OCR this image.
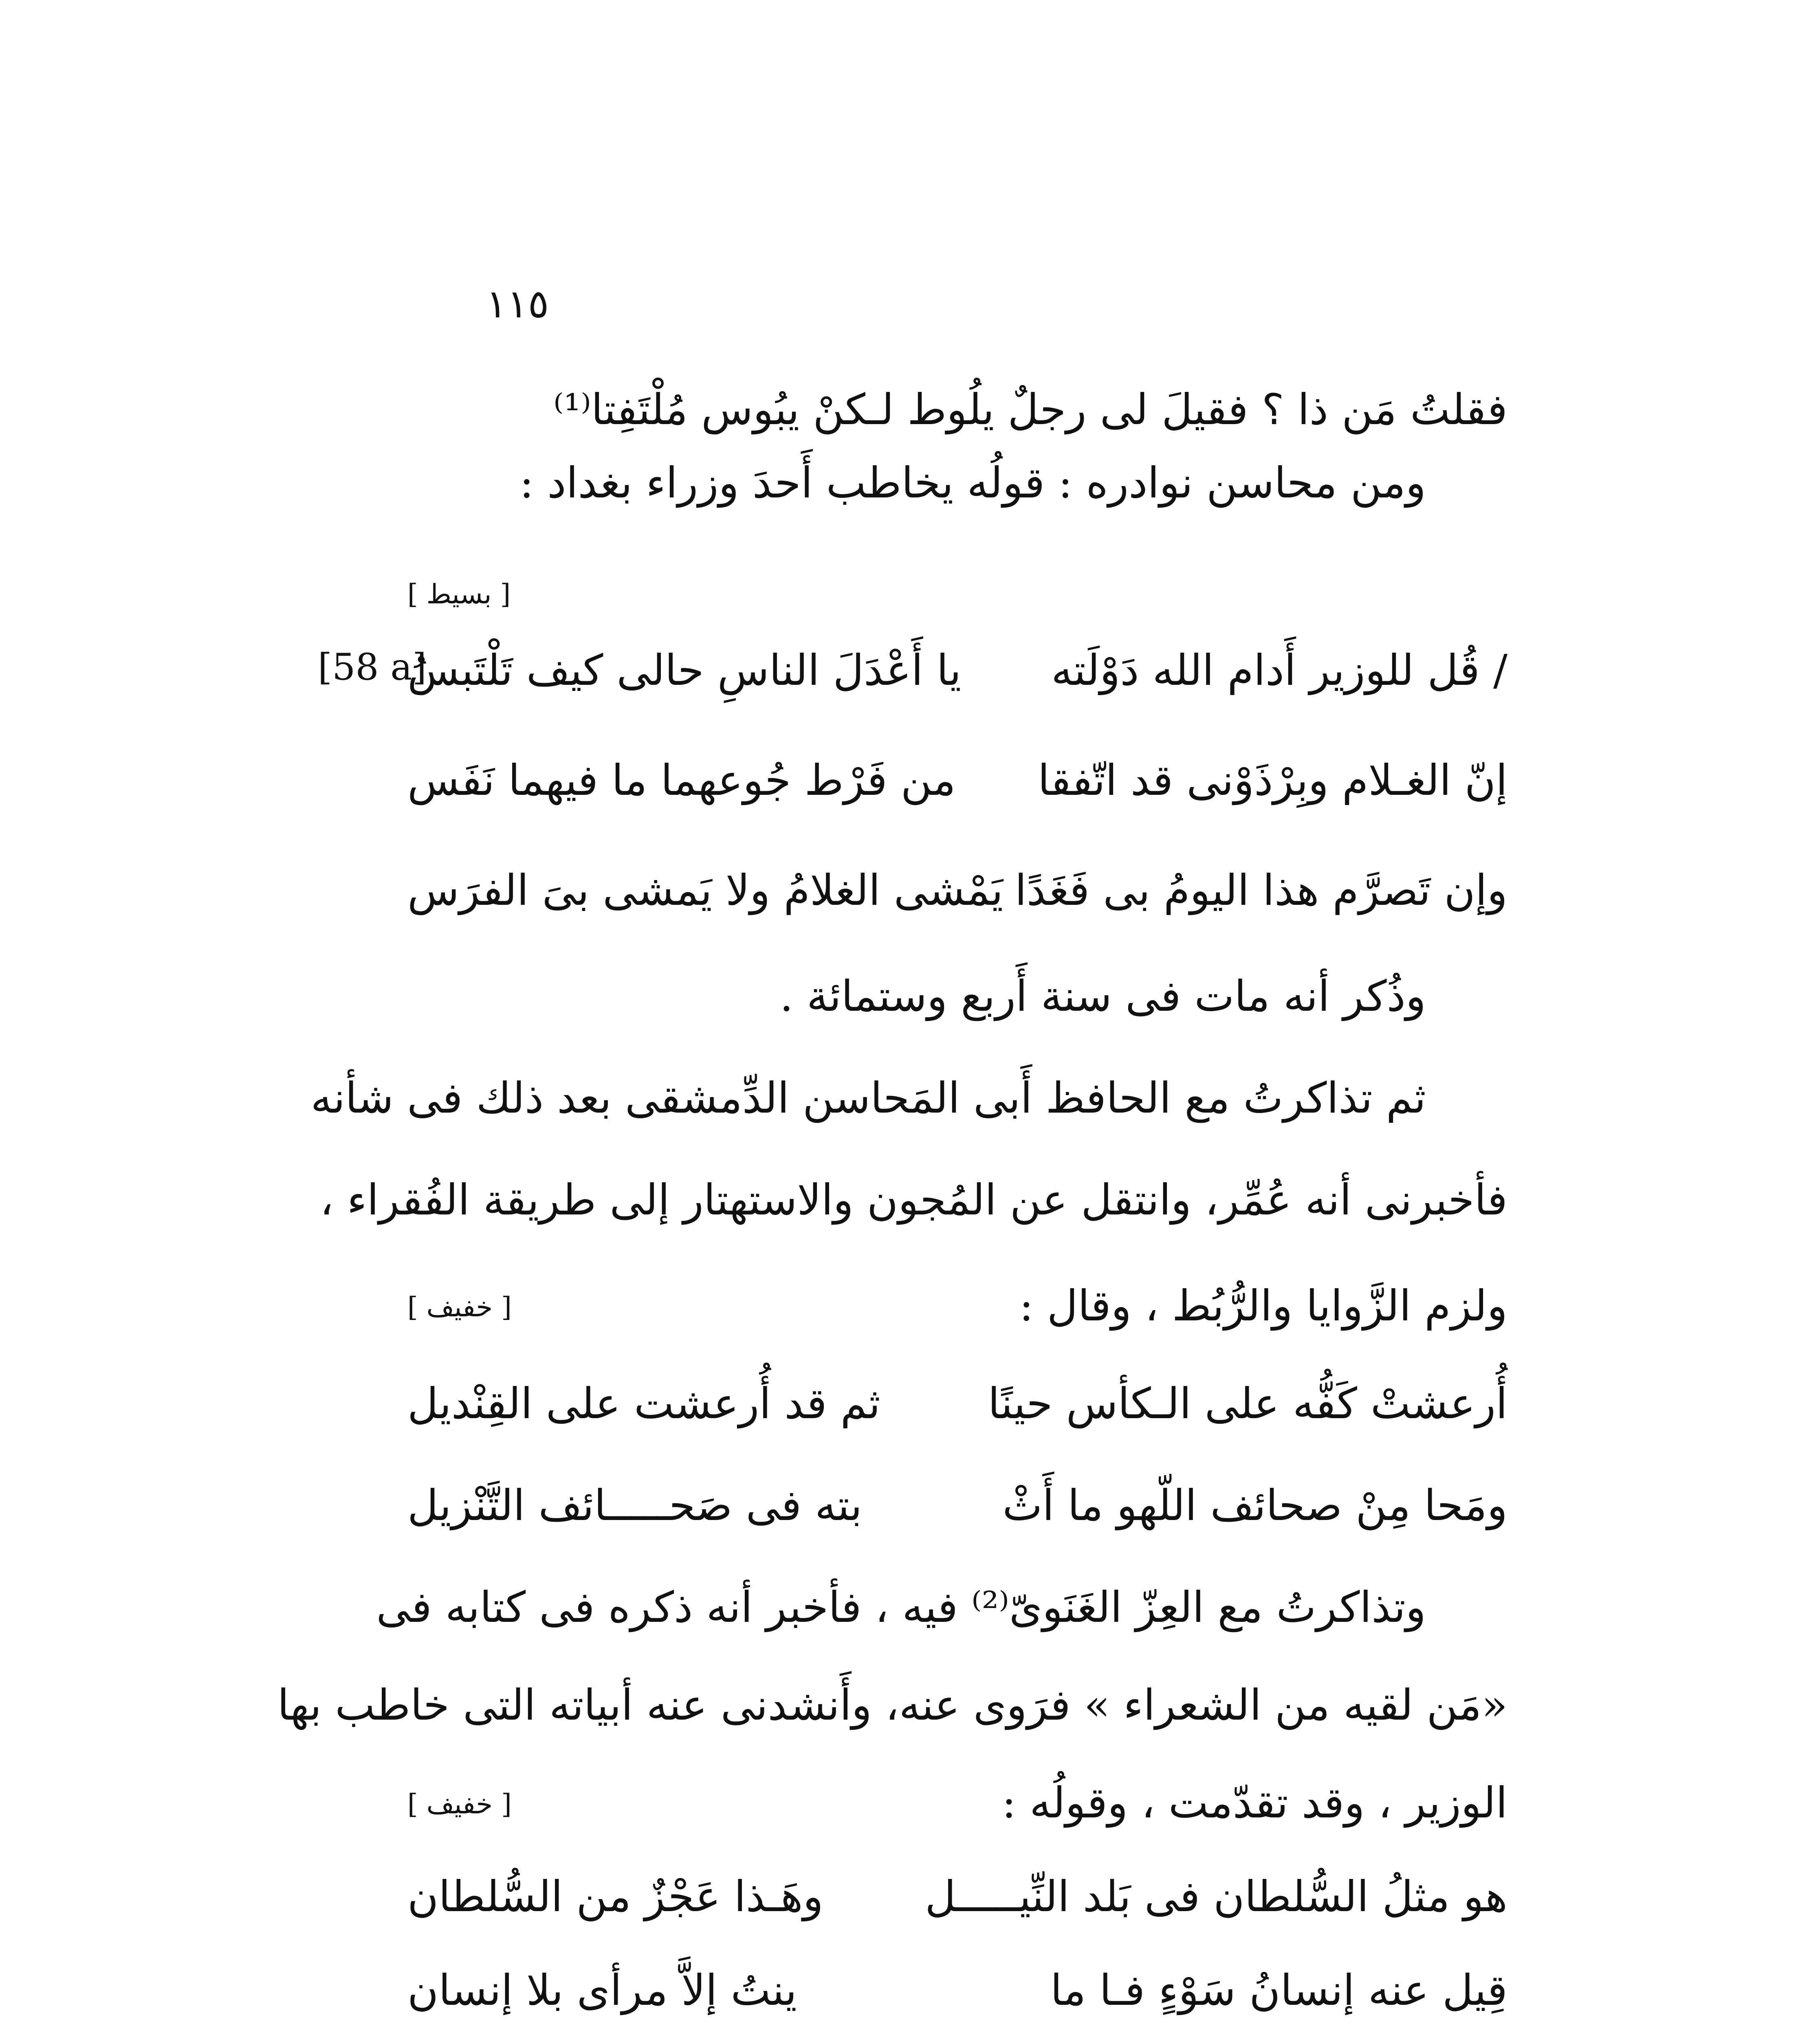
١١٥
فقلتُ مَن ذا ؟ فقيلَ لى رجلٌ يلُوط لـكنْ يبُوس مُلْتَفِتا⁽¹⁾
ومن محاسن نوادره : قولُه يخاطب أَحدَ وزراء بغداد :
[ بسيط ]
[58 a]	/ قُل للوزير أَدام الله دَوْلَته
يا أَعْدَلَ الناسِ حالى كيف تَلْتَبسُ
إنّ الغـلام وبِرْذَوْنى قد اتّفقا
من فَرْط جُوعهما ما فيهما نَفَس
وإن تَصرَّم هذا اليومُ بى فَغَدًا
يَمْشى الغلامُ ولا يَمشى بىَ الفرَس
وذُكر أنه مات فى سنة أَربع وستمائة .
ثم تذاكرتُ مع الحافظ أَبى المَحاسن الدِّمشقى بعد ذلك فى شأنه
فأخبرنى أنه عُمِّر، وانتقل عن المُجون والاستهتار إلى طريقة الفُقراء ،
ولزم الزَّوايا والرُّبُط ، وقال :
[ خفيف ]
أُرعشتْ كَفُّه على الـكأس حينًا
ثم قد أُرعشت على القِنْديل
ومَحا مِنْ صحائف اللّهو ما أَثْ
بته فى صَحـــــائف التَّنْزيل
وتذاكرتُ مع العِزّ الغَنَوىّ⁽²⁾ فيه ، فأخبر أنه ذكره فى كتابه فى
«مَن لقيه من الشعراء » فرَوى عنه، وأَنشدنى عنه أبياته التى خاطب بها
الوزير ، وقد تقدّمت ، وقولُه :
[ خفيف ]
هو مثلُ السُّلطان فى بَلد النِّيـــــل
وهَـذا عَجْزٌ من السُّلطان
قِيل عنه إنسانُ سَوْءٍ فـا ما
ينتُ إلاَّ مرأى بلا إنسان
